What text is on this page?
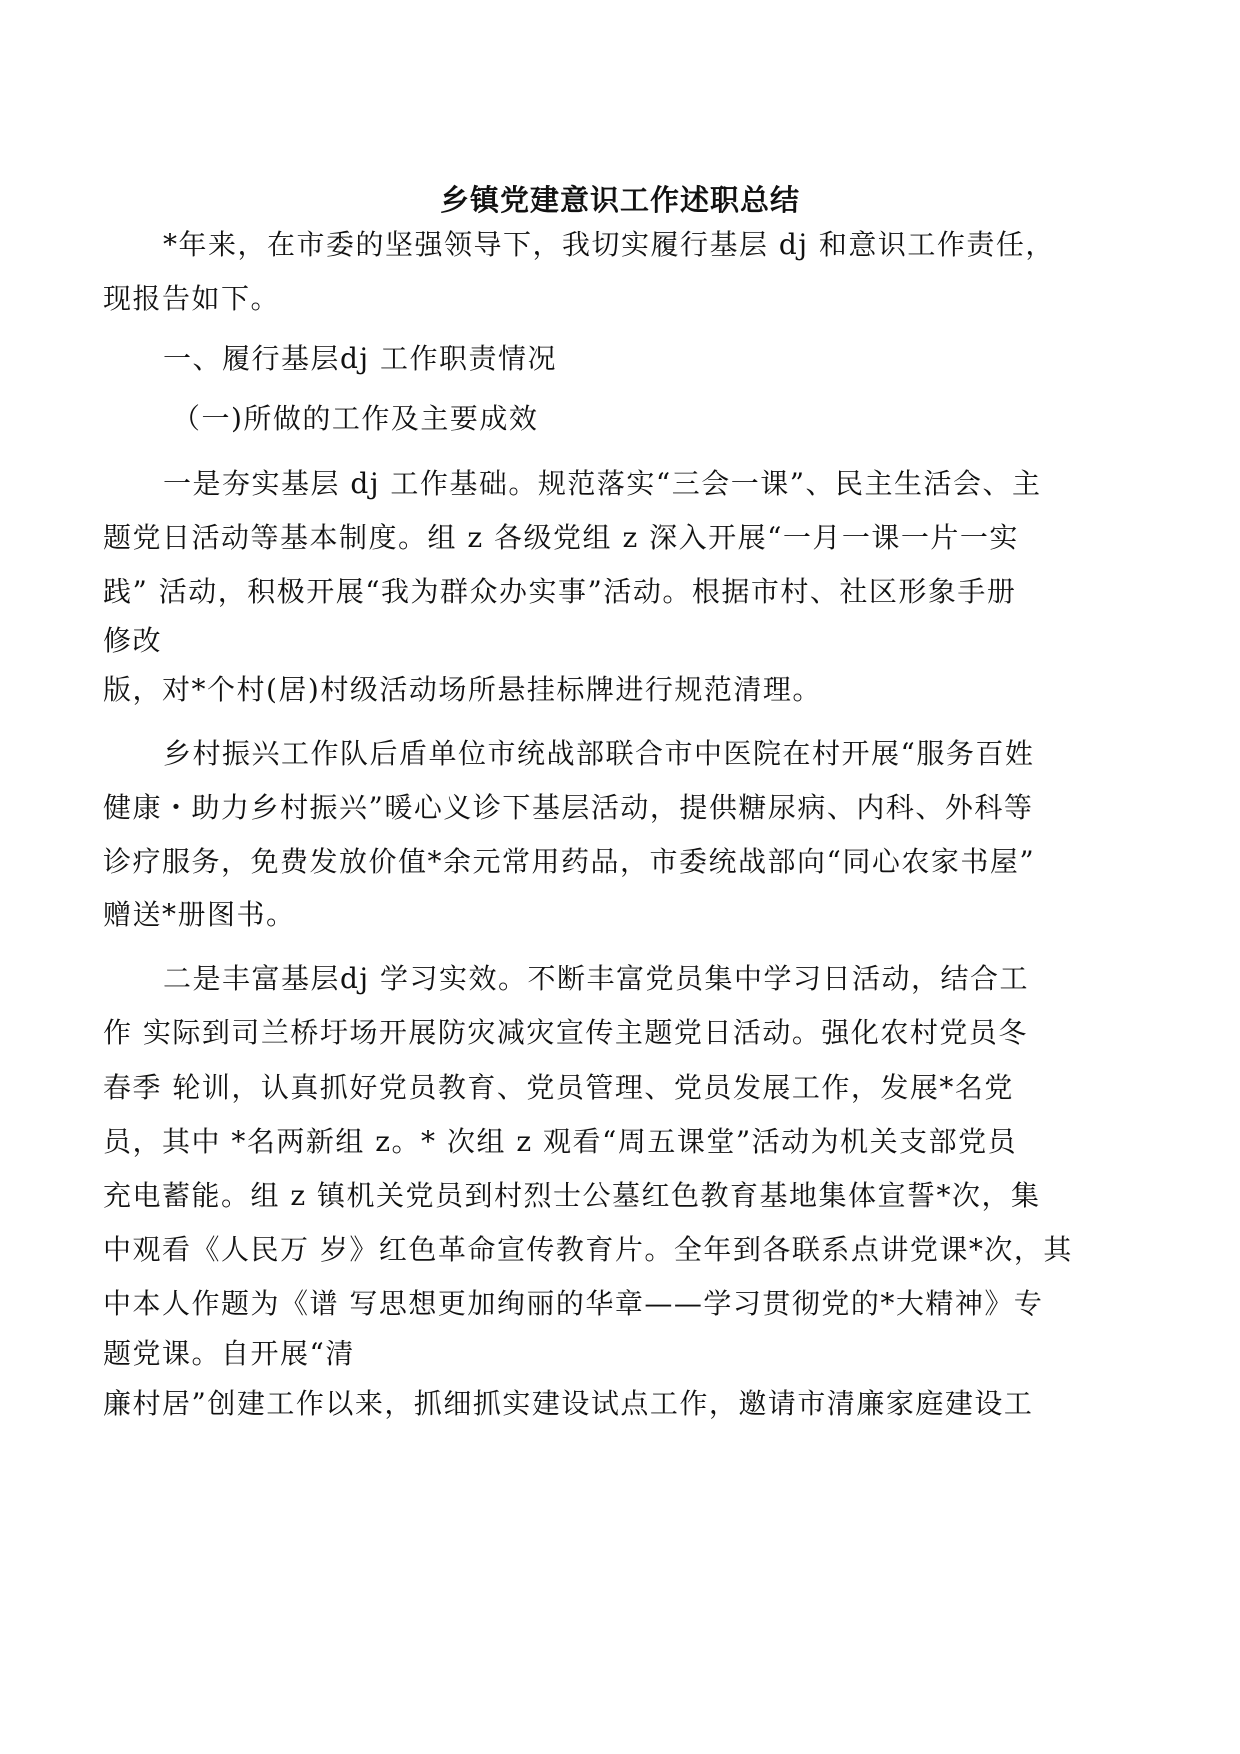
乡镇党建意识工作述职总结
*年来，在市委的坚强领导下，我切实履行基层 dj 和意识工作责任，
现报告如下。
一、履行基层dj 工作职责情况
（一)所做的工作及主要成效
一是夯实基层 dj 工作基础。规范落实“三会一课”、民主生活会、主
题党日活动等基本制度。组 z 各级党组 z 深入开展“一月一课一片一实
践” 活动，积极开展“我为群众办实事”活动。根据市村、社区形象手册
修改
版，对*个村(居)村级活动场所悬挂标牌进行规范清理。
乡村振兴工作队后盾单位市统战部联合市中医院在村开展“服务百姓
健康・助力乡村振兴”暖心义诊下基层活动，提供糖尿病、内科、外科等
诊疗服务，免费发放价值*余元常用药品，市委统战部向“同心农家书屋”
赠送*册图书。
二是丰富基层dj 学习实效。不断丰富党员集中学习日活动，结合工
作 实际到司兰桥圩场开展防灾减灾宣传主题党日活动。强化农村党员冬
春季 轮训，认真抓好党员教育、党员管理、党员发展工作，发展*名党
员，其中 *名两新组 z。* 次组 z 观看“周五课堂”活动为机关支部党员
充电蓄能。组 z 镇机关党员到村烈士公墓红色教育基地集体宣誓*次，集
中观看《人民万 岁》红色革命宣传教育片。全年到各联系点讲党课*次，其
中本人作题为《谱 写思想更加绚丽的华章——学习贯彻党的*大精神》专
题党课。自开展“清
廉村居”创建工作以来，抓细抓实建设试点工作，邀请市清廉家庭建设工
